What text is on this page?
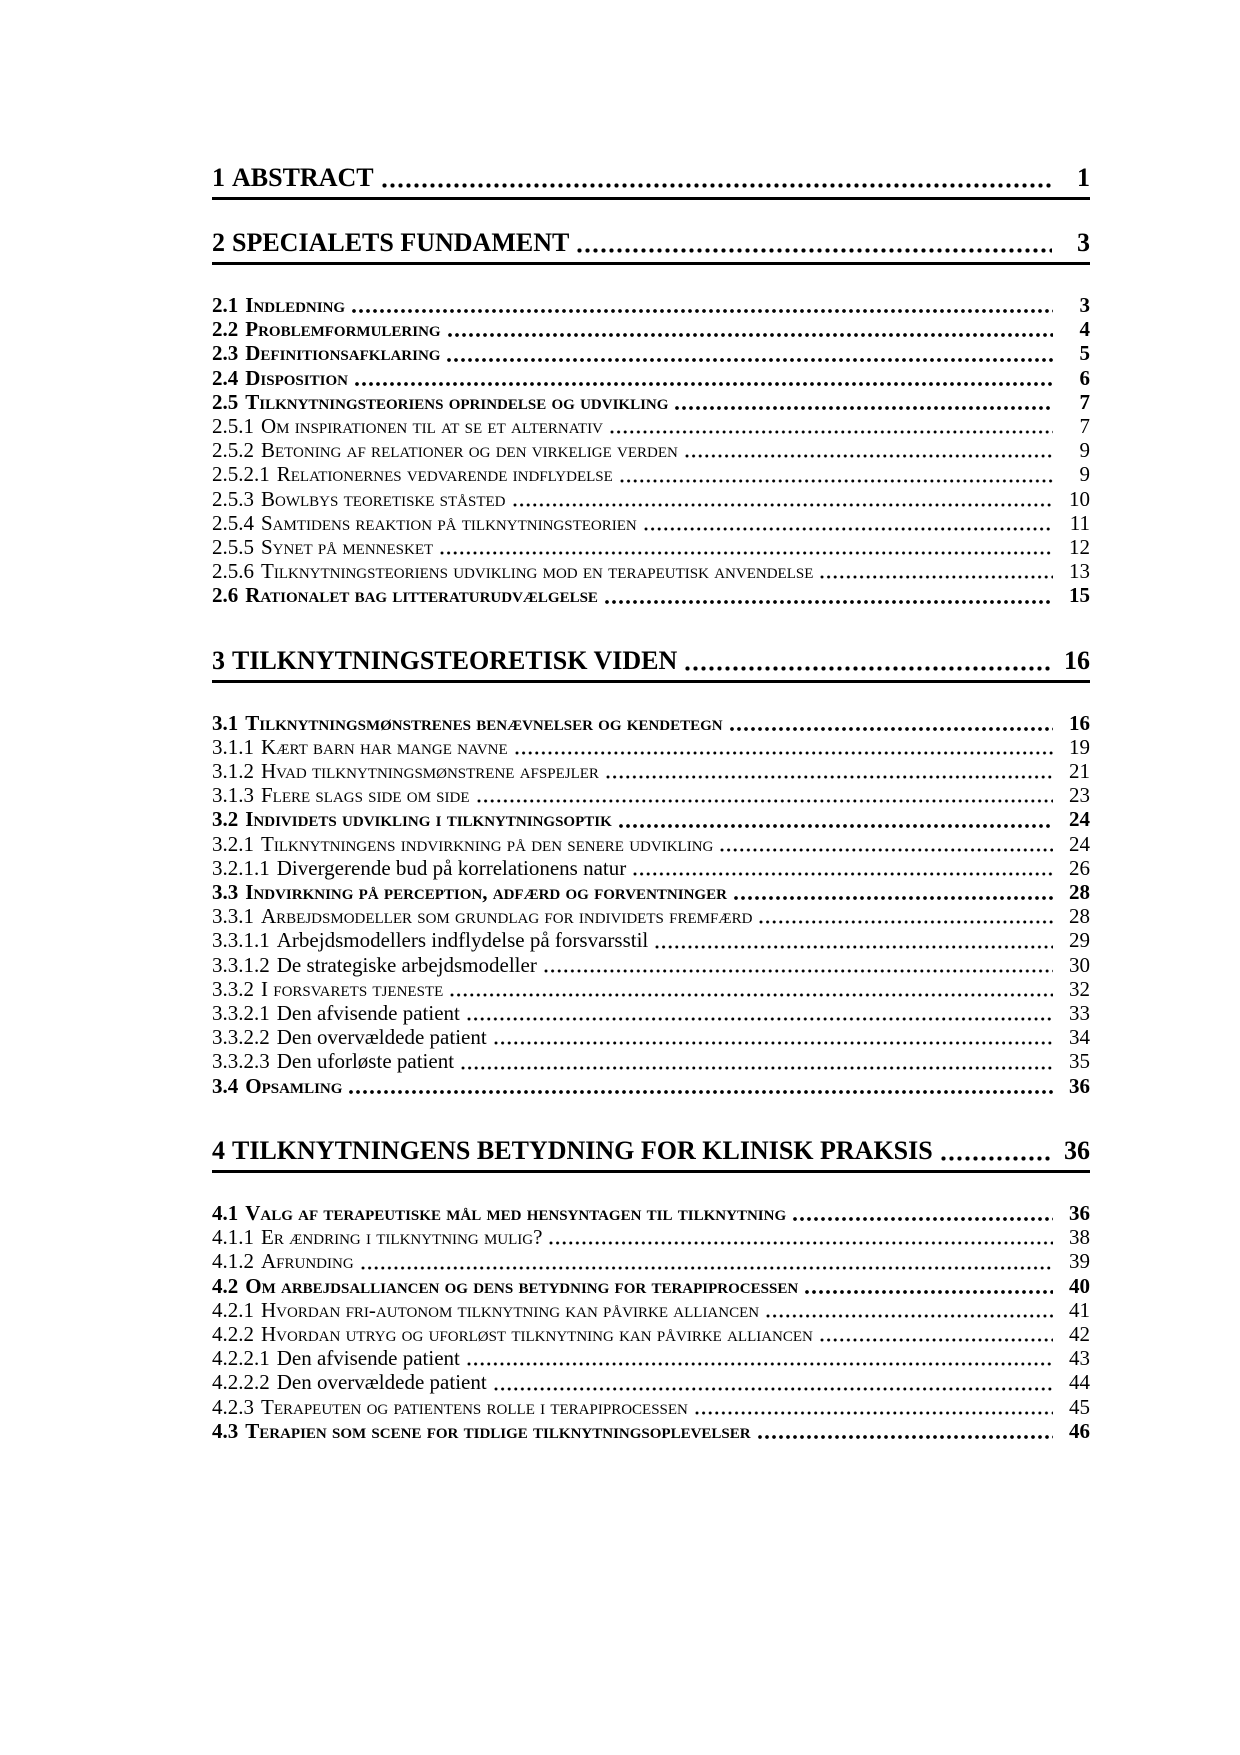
1 ABSTRACT	1
2 SPECIALETS FUNDAMENT	3
2.1 Indledning	3
2.2 Problemformulering	4
2.3 Definitionsafklaring	5
2.4 Disposition	6
2.5 Tilknytningsteoriens oprindelse og udvikling	7
2.5.1 Om inspirationen til at se et alternativ	7
2.5.2 Betoning af relationer og den virkelige verden	9
2.5.2.1 Relationernes vedvarende indflydelse	9
2.5.3 Bowlbys teoretiske ståsted	10
2.5.4 Samtidens reaktion på tilknytningsteorien	11
2.5.5 Synet på mennesket	12
2.5.6 Tilknytningsteoriens udvikling mod en terapeutisk anvendelse	13
2.6 Rationalet bag litteraturudvælgelse	15
3 TILKNYTNINGSTEORETISK VIDEN	16
3.1 Tilknytningsmønstrenes benævnelser og kendetegn	16
3.1.1 Kært barn har mange navne	19
3.1.2 Hvad tilknytningsmønstrene afspejler	21
3.1.3 Flere slags side om side	23
3.2 Individets udvikling i tilknytningsoptik	24
3.2.1 Tilknytningens indvirkning på den senere udvikling	24
3.2.1.1 Divergerende bud på korrelationens natur	26
3.3 Indvirkning på perception, adfærd og forventninger	28
3.3.1 Arbejdsmodeller som grundlag for individets fremfærd	28
3.3.1.1 Arbejdsmodellers indflydelse på forsvarsstil	29
3.3.1.2 De strategiske arbejdsmodeller	30
3.3.2 I forsvarets tjeneste	32
3.3.2.1 Den afvisende patient	33
3.3.2.2 Den overvældede patient	34
3.3.2.3 Den uforløste patient	35
3.4 Opsamling	36
4 TILKNYTNINGENS BETYDNING FOR KLINISK PRAKSIS	36
4.1 Valg af terapeutiske mål med hensyntagen til tilknytning	36
4.1.1 Er ændring i tilknytning mulig?	38
4.1.2 Afrunding	39
4.2 Om arbejdsalliancen og dens betydning for terapiprocessen	40
4.2.1 Hvordan fri-autonom tilknytning kan påvirke alliancen	41
4.2.2 Hvordan utryg og uforløst tilknytning kan påvirke alliancen	42
4.2.2.1 Den afvisende patient	43
4.2.2.2 Den overvældede patient	44
4.2.3 Terapeuten og patientens rolle i terapiprocessen	45
4.3 Terapien som scene for tidlige tilknytningsoplevelser	46
